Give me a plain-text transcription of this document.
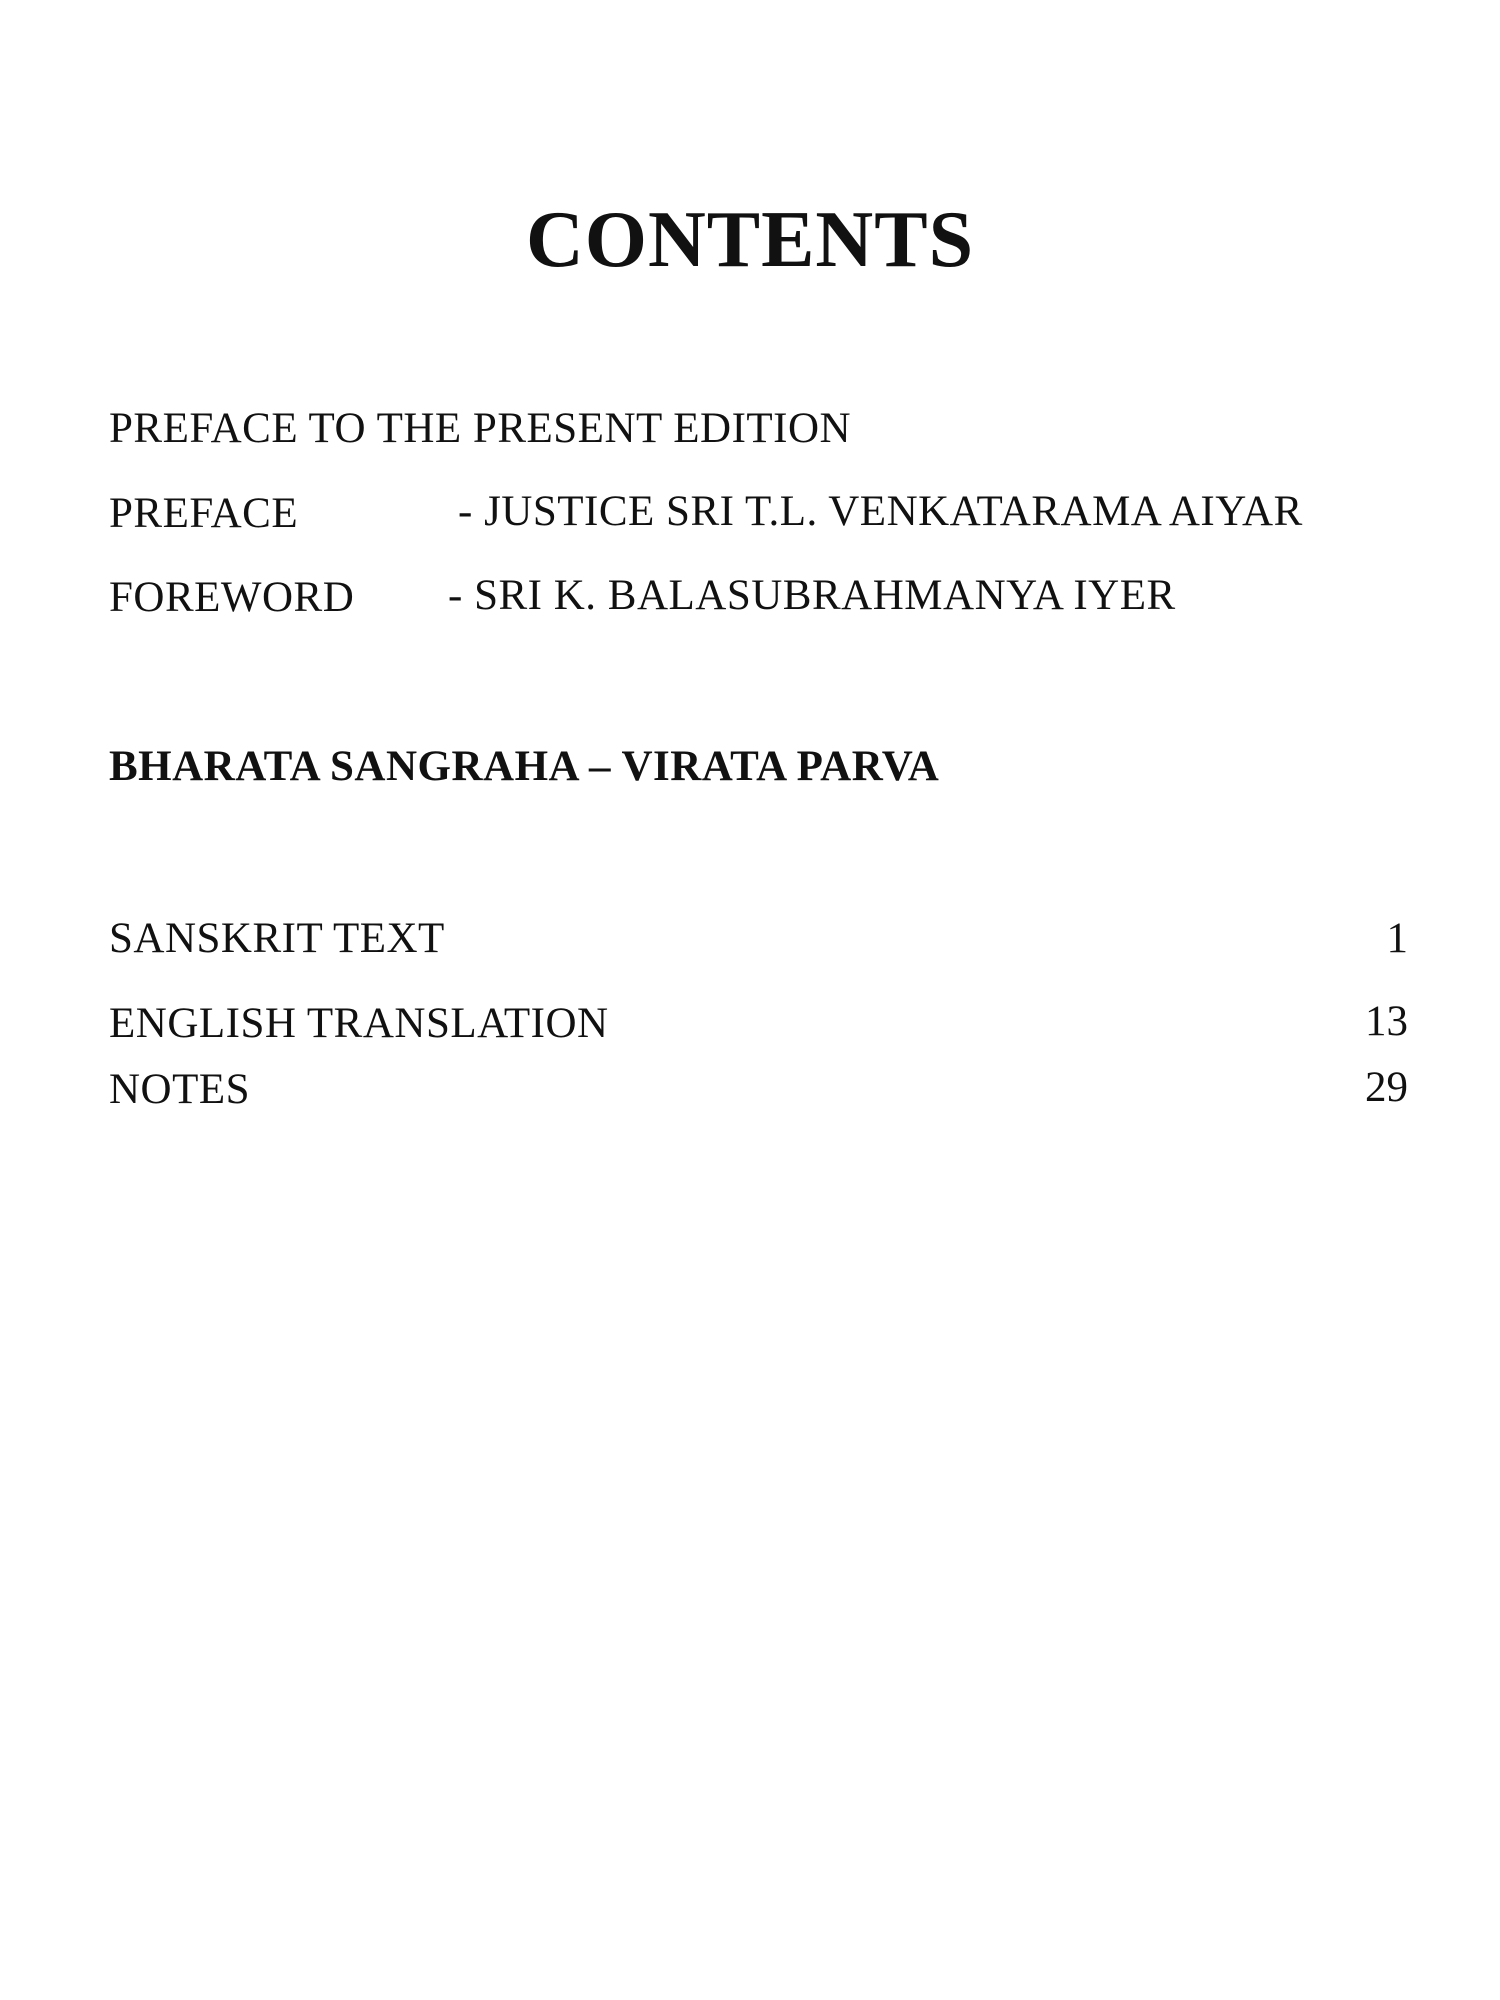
CONTENTS
PREFACE TO THE PRESENT EDITION
PREFACE	- JUSTICE SRI T.L. VENKATARAMA AIYAR
FOREWORD - SRI K. BALASUBRAHMANYA IYER
BHARATA SANGRAHA – VIRATA PARVA
SANSKRIT TEXT	1
ENGLISH TRANSLATION	13
NOTES	29
